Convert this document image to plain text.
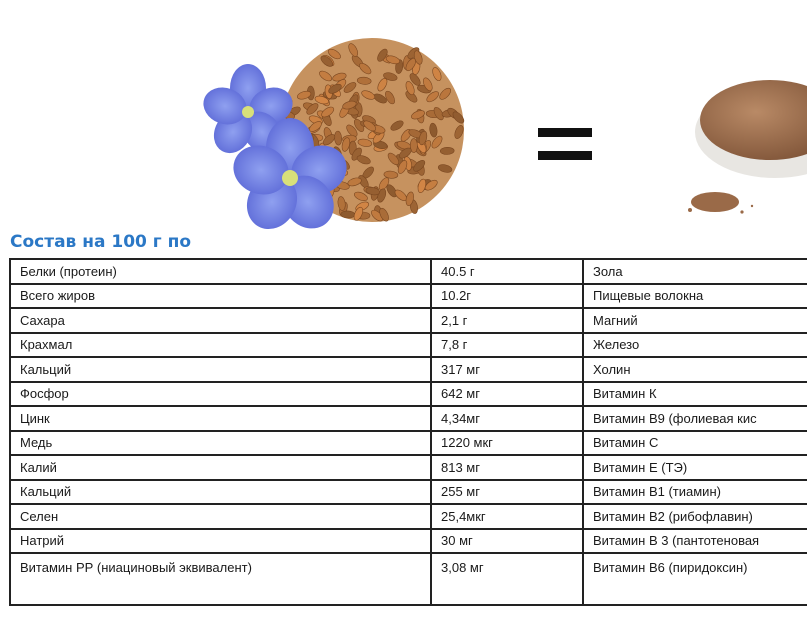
Состав на 100 г по
Белки (протеин)	40.5 г	Зола
Всего жиров	10.2г	Пищевые волокна
Сахара	2,1 г	Магний
Крахмал	7,8 г	Железо
Кальций	317 мг	Холин
Фосфор	642 мг	Витамин К
Цинк	4,34мг	Витамин В9 (фолиевая кис
Медь	1220 мкг	Витамин С
Калий	813 мг	Витамин Е (ТЭ)
Кальций	255 мг	Витамин В1 (тиамин)
Селен	25,4мкг	Витамин В2 (рибофлавин)
Натрий	30 мг	Витамин В 3 (пантотеновая
Витамин РР (ниациновый эквивалент)	3,08 мг	Витамин В6 (пиридоксин)
